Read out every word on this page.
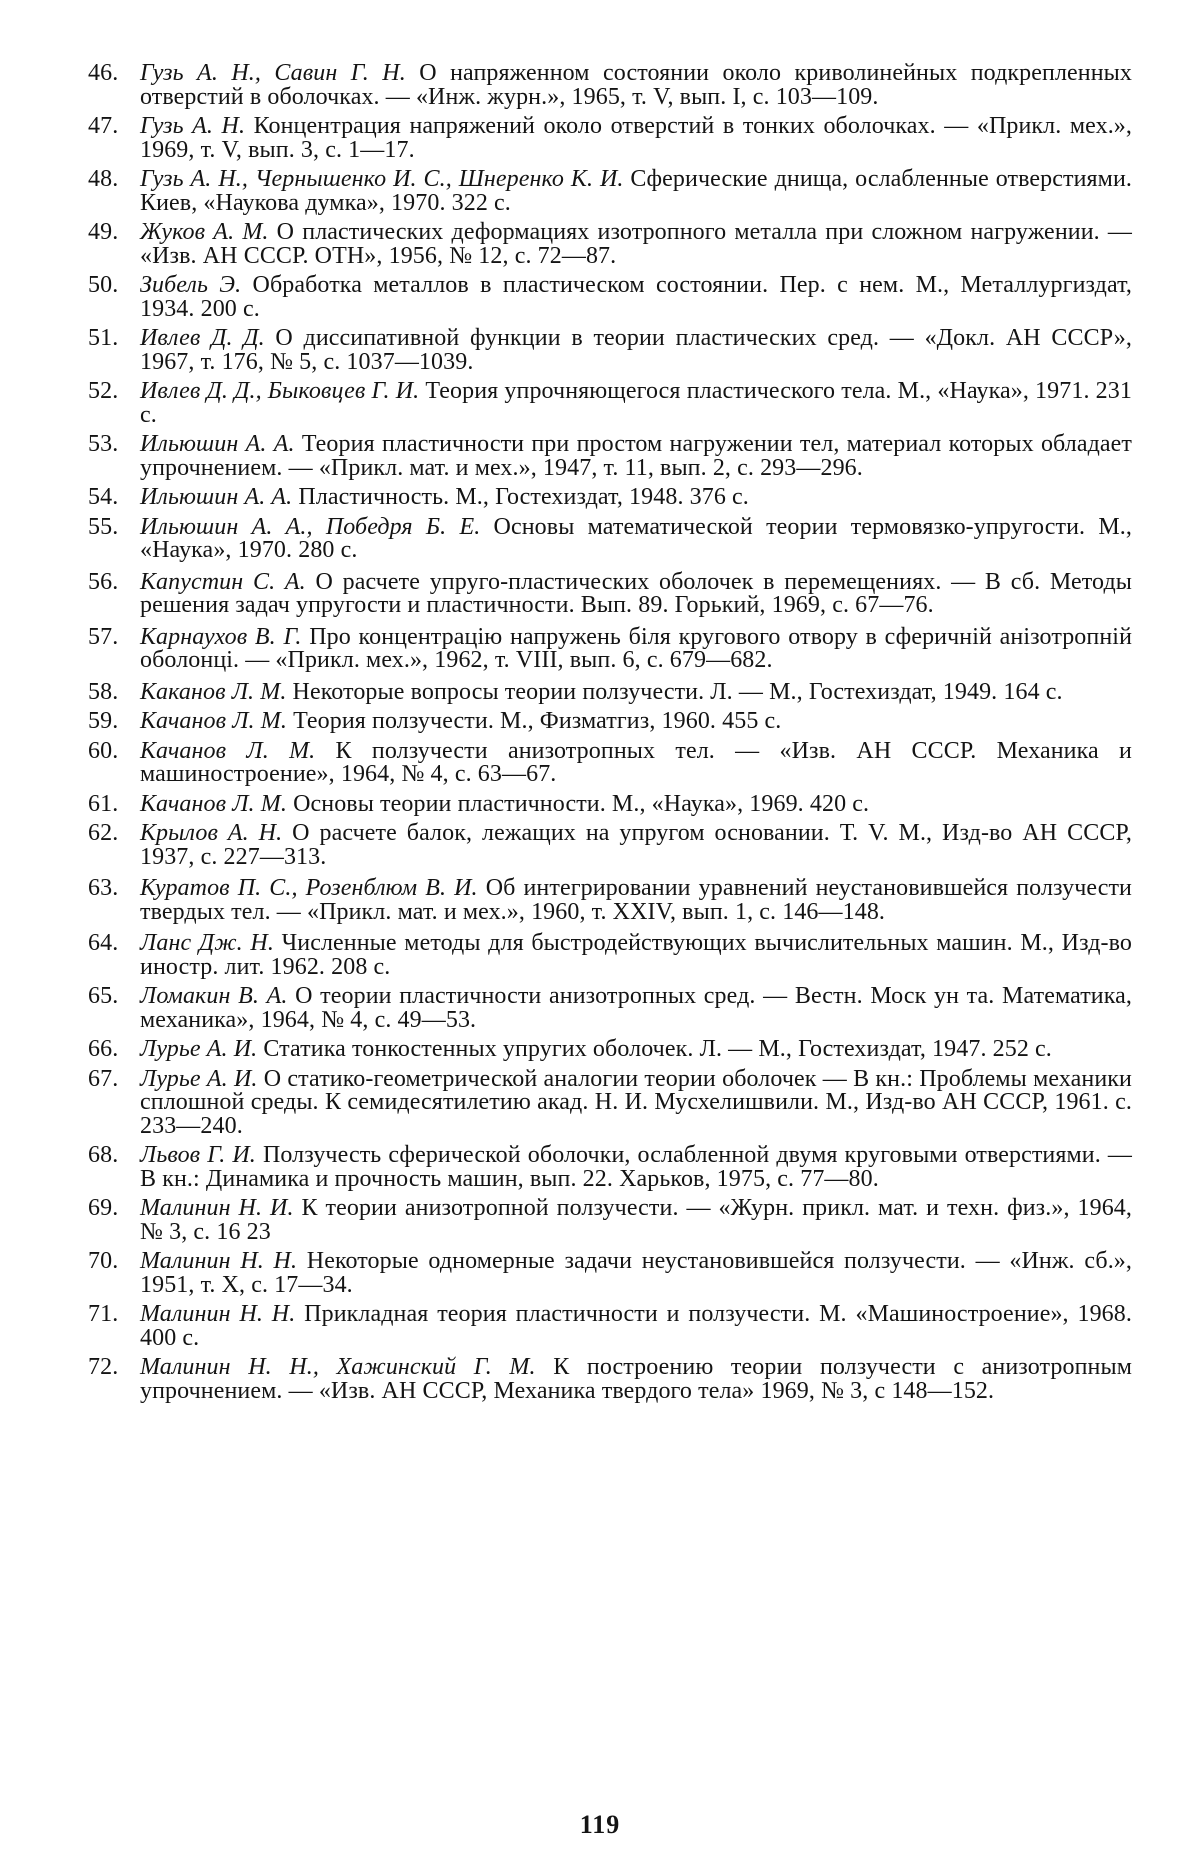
46. Гузь А. Н., Савин Г. Н. О напряженном состоянии около криволинейных подкрепленных отверстий в оболочках. — «Инж. журн.», 1965, т. V, вып. I, с. 103—109.
47. Гузь А. Н. Концентрация напряжений около отверстий в тонких оболочках. — «Прикл. мех.», 1969, т. V, вып. 3, с. 1—17.
48. Гузь А. Н., Чернышенко И. С., Шнеренко К. И. Сферические днища, ослабленные отверстиями. Киев, «Наукова думка», 1970. 322 с.
49. Жуков А. М. О пластических деформациях изотропного металла при сложном нагружении. — «Изв. АН СССР. ОТН», 1956, № 12, с. 72—87.
50. Зибель Э. Обработка металлов в пластическом состоянии. Пер. с нем. М., Металлургиздат, 1934. 200 с.
51. Ивлев Д. Д. О диссипативной функции в теории пластических сред. — «Докл. АН СССР», 1967, т. 176, № 5, с. 1037—1039.
52. Ивлев Д. Д., Быковцев Г. И. Теория упрочняющегося пластического тела. М., «Наука», 1971. 231 с.
53. Ильюшин А. А. Теория пластичности при простом нагружении тел, материал которых обладает упрочнением. — «Прикл. мат. и мех.», 1947, т. 11, вып. 2, с. 293—296.
54. Ильюшин А. А. Пластичность. М., Гостехиздат, 1948. 376 с.
55. Ильюшин А. А., Победря Б. Е. Основы математической теории термовязко-упругости. М., «Наука», 1970. 280 с.
56. Капустин С. А. О расчете упруго-пластических оболочек в перемещениях. — В сб. Методы решения задач упругости и пластичности. Вып. 89. Горький, 1969, с. 67—76.
57. Карнаухов В. Г. Про концентрацію напружень біля кругового отвору в сферичній анізотропній оболонці. — «Прикл. мех.», 1962, т. VIII, вып. 6, с. 679—682.
58. Каканов Л. М. Некоторые вопросы теории ползучести. Л. — М., Гостехиздат, 1949. 164 с.
59. Качанов Л. М. Теория ползучести. М., Физматгиз, 1960. 455 с.
60. Качанов Л. М. К ползучести анизотропных тел. — «Изв. АН СССР. Механика и машиностроение», 1964, № 4, с. 63—67.
61. Качанов Л. М. Основы теории пластичности. М., «Наука», 1969. 420 с.
62. Крылов А. Н. О расчете балок, лежащих на упругом основании. Т. V. М., Изд-во АН СССР, 1937, с. 227—313.
63. Куратов П. С., Розенблюм В. И. Об интегрировании уравнений неустановившейся ползучести твердых тел. — «Прикл. мат. и мех.», 1960, т. XXIV, вып. 1, с. 146—148.
64. Ланс Дж. Н. Численные методы для быстродействующих вычислительных машин. М., Изд-во иностр. лит. 1962. 208 с.
65. Ломакин В. А. О теории пластичности анизотропных сред. — Вестн. Моск ун та. Математика, механика», 1964, № 4, с. 49—53.
66. Лурье А. И. Статика тонкостенных упругих оболочек. Л. — М., Гостехиздат, 1947. 252 с.
67. Лурье А. И. О статико-геометрической аналогии теории оболочек — В кн.: Проблемы механики сплошной среды. К семидесятилетию акад. Н. И. Мусхелишвили. М., Изд-во АН СССР, 1961. с. 233—240.
68. Львов Г. И. Ползучесть сферической оболочки, ослабленной двумя круговыми отверстиями. — В кн.: Динамика и прочность машин, вып. 22. Харьков, 1975, с. 77—80.
69. Малинин Н. И. К теории анизотропной ползучести. — «Журн. прикл. мат. и техн. физ.», 1964, № 3, с. 16 23
70. Малинин Н. Н. Некоторые одномерные задачи неустановившейся ползучести. — «Инж. сб.», 1951, т. X, с. 17—34.
71. Малинин Н. Н. Прикладная теория пластичности и ползучести. М. «Машиностроение», 1968. 400 с.
72. Малинин Н. Н., Хажинский Г. М. К построению теории ползучести с анизотропным упрочнением. — «Изв. АН СССР, Механика твердого тела» 1969, № 3, с 148—152.
119
